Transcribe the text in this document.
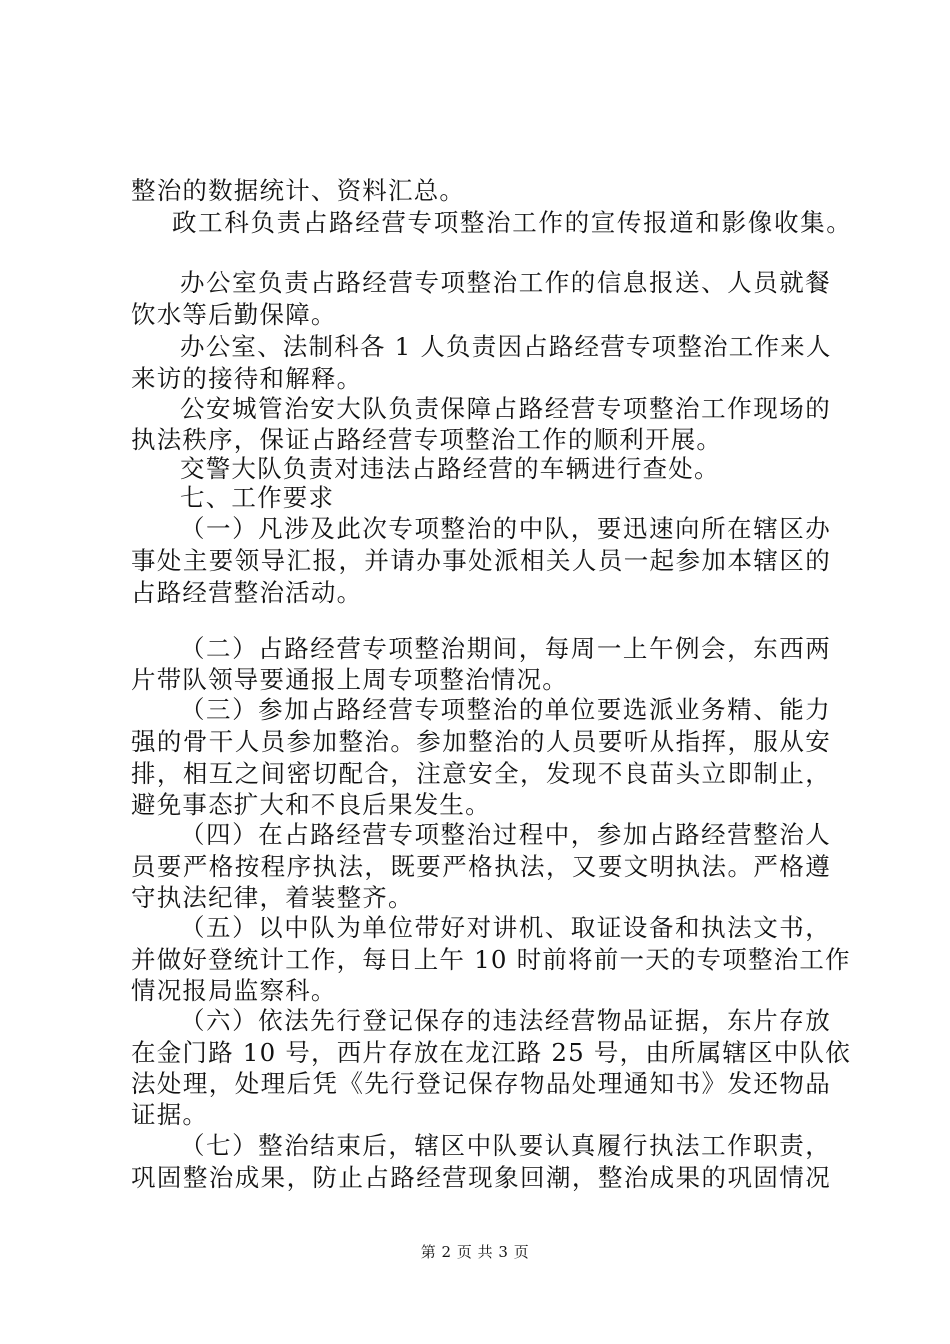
整治的数据统计、资料汇总。
政工科负责占路经营专项整治工作的宣传报道和影像收集。
办公室负责占路经营专项整治工作的信息报送、人员就餐
饮水等后勤保障。
办公室、法制科各 1 人负责因占路经营专项整治工作来人
来访的接待和解释。
公安城管治安大队负责保障占路经营专项整治工作现场的
执法秩序，保证占路经营专项整治工作的顺利开展。
交警大队负责对违法占路经营的车辆进行查处。
七、工作要求
（一）凡涉及此次专项整治的中队，要迅速向所在辖区办
事处主要领导汇报，并请办事处派相关人员一起参加本辖区的
占路经营整治活动。
（二）占路经营专项整治期间，每周一上午例会，东西两
片带队领导要通报上周专项整治情况。
（三）参加占路经营专项整治的单位要选派业务精、能力
强的骨干人员参加整治。参加整治的人员要听从指挥，服从安
排，相互之间密切配合，注意安全，发现不良苗头立即制止，
避免事态扩大和不良后果发生。
（四）在占路经营专项整治过程中，参加占路经营整治人
员要严格按程序执法，既要严格执法，又要文明执法。严格遵
守执法纪律，着装整齐。
（五）以中队为单位带好对讲机、取证设备和执法文书，
并做好登统计工作，每日上午 10 时前将前一天的专项整治工作
情况报局监察科。
（六）依法先行登记保存的违法经营物品证据，东片存放
在金门路 10 号，西片存放在龙江路 25 号，由所属辖区中队依
法处理，处理后凭《先行登记保存物品处理通知书》发还物品
证据。
（七）整治结束后，辖区中队要认真履行执法工作职责，
巩固整治成果，防止占路经营现象回潮，整治成果的巩固情况
第 2 页 共 3 页
